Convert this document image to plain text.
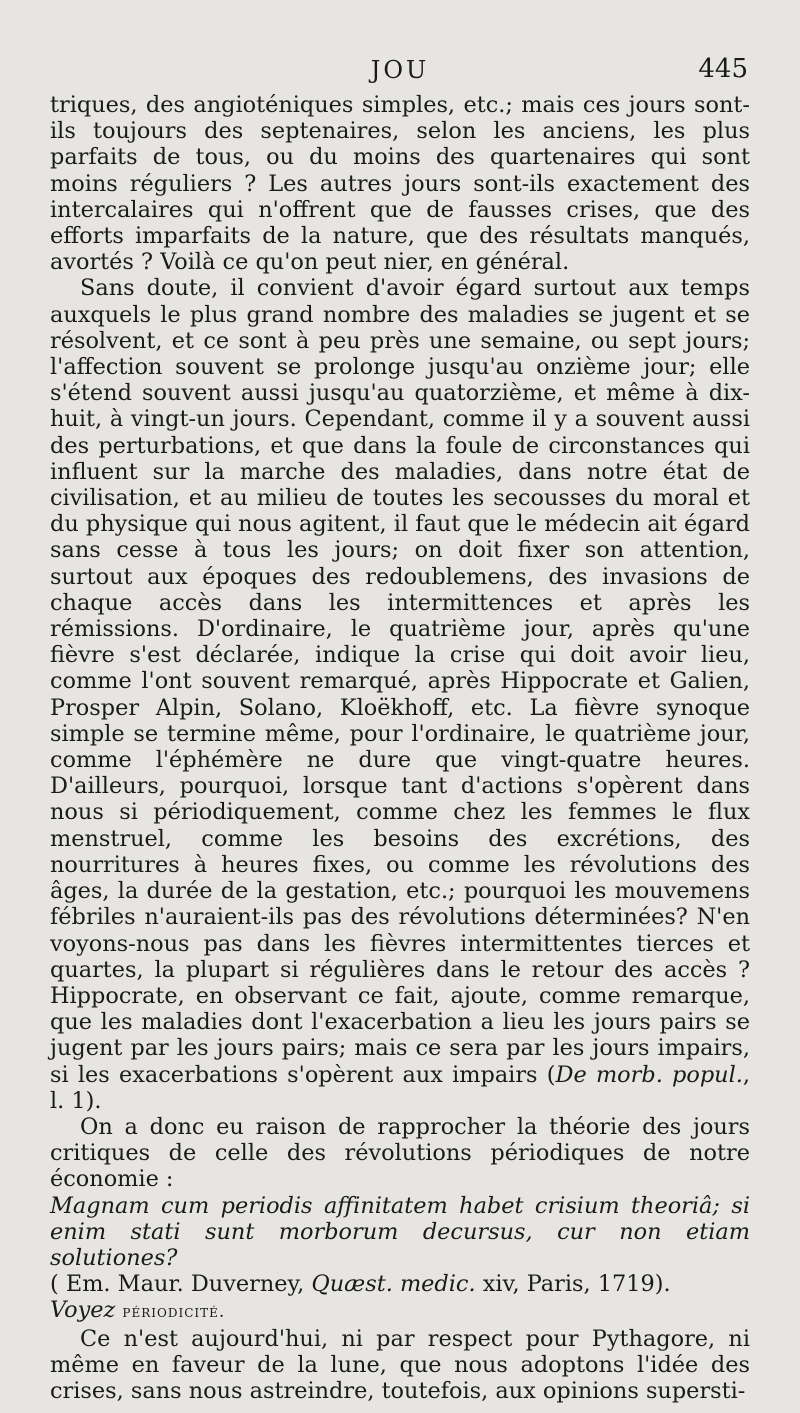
JOU	445

triques, des angioténiques simples, etc.; mais ces jours sont-ils toujours des septenaires, selon les anciens, les plus parfaits de tous, ou du moins des quartenaires qui sont moins réguliers ? Les autres jours sont-ils exactement des intercalaires qui n'offrent que de fausses crises, que des efforts imparfaits de la nature, que des résultats manqués, avortés ? Voilà ce qu'on peut nier, en général.

Sans doute, il convient d'avoir égard surtout aux temps auxquels le plus grand nombre des maladies se jugent et se résolvent, et ce sont à peu près une semaine, ou sept jours; l'affection souvent se prolonge jusqu'au onzième jour; elle s'étend souvent aussi jusqu'au quatorzième, et même à dix-huit, à vingt-un jours. Cependant, comme il y a souvent aussi des perturbations, et que dans la foule de circonstances qui influent sur la marche des maladies, dans notre état de civilisation, et au milieu de toutes les secousses du moral et du physique qui nous agitent, il faut que le médecin ait égard sans cesse à tous les jours; on doit fixer son attention, surtout aux époques des redoublemens, des invasions de chaque accès dans les intermittences et après les rémissions. D'ordinaire, le quatrième jour, après qu'une fièvre s'est déclarée, indique la crise qui doit avoir lieu, comme l'ont souvent remarqué, après Hippocrate et Galien, Prosper Alpin, Solano, Kloëkhoff, etc. La fièvre synoque simple se termine même, pour l'ordinaire, le quatrième jour, comme l'éphémère ne dure que vingt-quatre heures. D'ailleurs, pourquoi, lorsque tant d'actions s'opèrent dans nous si périodiquement, comme chez les femmes le flux menstruel, comme les besoins des excrétions, des nourritures à heures fixes, ou comme les révolutions des âges, la durée de la gestation, etc.; pourquoi les mouvemens fébriles n'auraient-ils pas des révolutions déterminées? N'en voyons-nous pas dans les fièvres intermittentes tierces et quartes, la plupart si régulières dans le retour des accès ? Hippocrate, en observant ce fait, ajoute, comme remarque, que les maladies dont l'exacerbation a lieu les jours pairs se jugent par les jours pairs; mais ce sera par les jours impairs, si les exacerbations s'opèrent aux impairs (De morb. popul., l. 1).

On a donc eu raison de rapprocher la théorie des jours critiques de celle des révolutions périodiques de notre économie :

Magnam cum periodis affinitatem habet crisium theoriâ; si enim stati sunt morborum decursus, cur non etiam solutiones?

( Em. Maur. Duverney, Quæst. medic. xiv, Paris, 1719).

Voyez périodicité.

Ce n'est aujourd'hui, ni par respect pour Pythagore, ni même en faveur de la lune, que nous adoptons l'idée des crises, sans nous astreindre, toutefois, aux opinions supersti-
